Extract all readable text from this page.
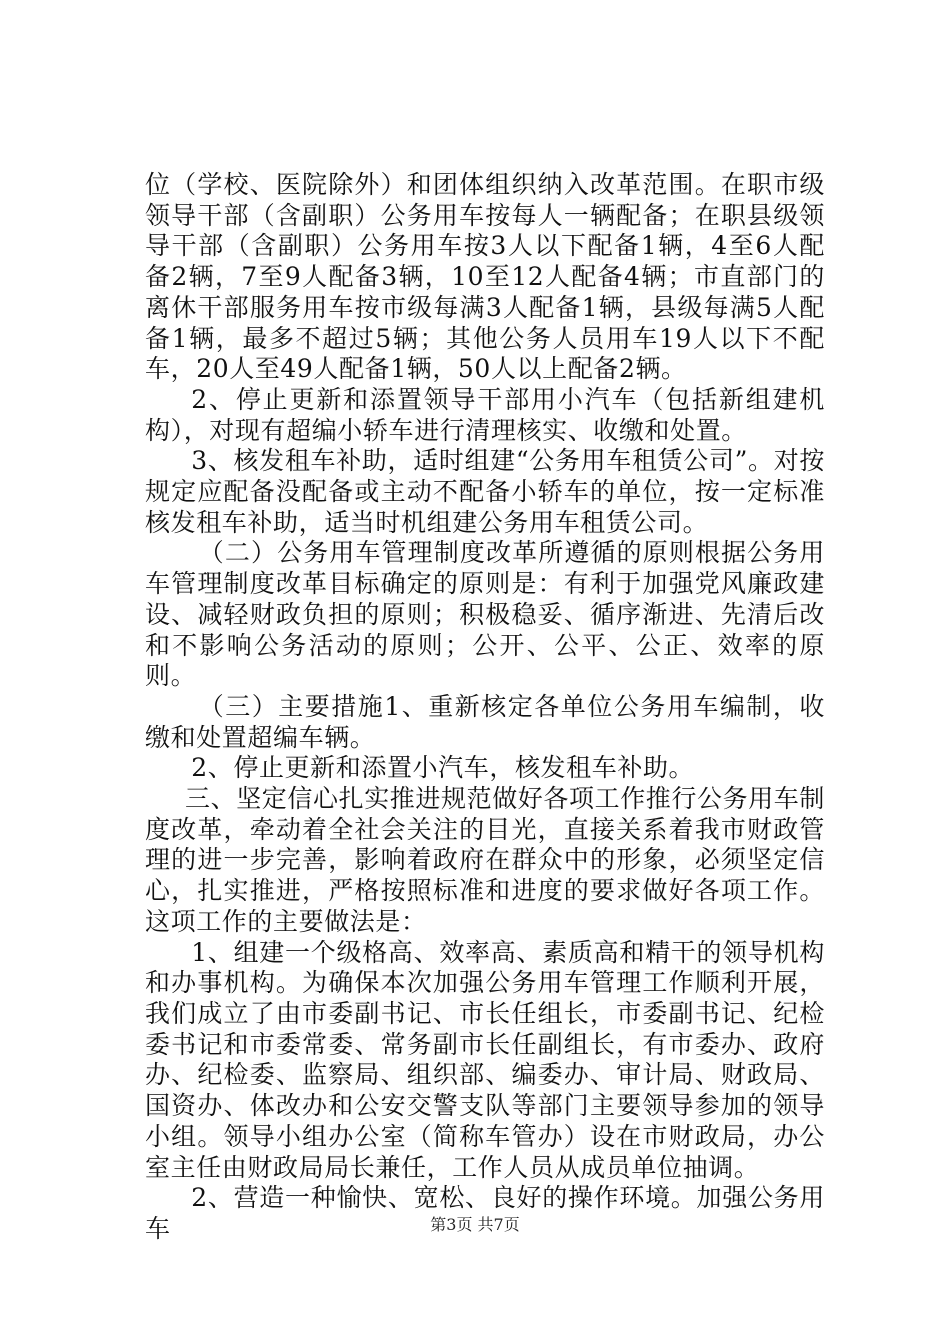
位（学校、医院除外）和团体组织纳入改革范围。在职市级领导干部（含副职）公务用车按每人一辆配备；在职县级领导干部（含副职）公务用车按3人以下配备1辆，4至6人配备2辆，7至9人配备3辆，10至12人配备4辆；市直部门的离休干部服务用车按市级每满3人配备1辆，县级每满5人配备1辆，最多不超过5辆；其他公务人员用车19人以下不配车，20人至49人配备1辆，50人以上配备2辆。

2、停止更新和添置领导干部用小汽车（包括新组建机构），对现有超编小轿车进行清理核实、收缴和处置。

3、核发租车补助，适时组建“公务用车租赁公司”。对按规定应配备没配备或主动不配备小轿车的单位，按一定标准核发租车补助，适当时机组建公务用车租赁公司。

（二）公务用车管理制度改革所遵循的原则根据公务用车管理制度改革目标确定的原则是：有利于加强党风廉政建设、减轻财政负担的原则；积极稳妥、循序渐进、先清后改和不影响公务活动的原则；公开、公平、公正、效率的原则。

（三）主要措施1、重新核定各单位公务用车编制，收缴和处置超编车辆。

2、停止更新和添置小汽车，核发租车补助。

三、坚定信心扎实推进规范做好各项工作推行公务用车制度改革，牵动着全社会关注的目光，直接关系着我市财政管理的进一步完善，影响着政府在群众中的形象，必须坚定信心，扎实推进，严格按照标准和进度的要求做好各项工作。这项工作的主要做法是：

1、组建一个级格高、效率高、素质高和精干的领导机构和办事机构。为确保本次加强公务用车管理工作顺利开展，我们成立了由市委副书记、市长任组长，市委副书记、纪检委书记和市委常委、常务副市长任副组长，有市委办、政府办、纪检委、监察局、组织部、编委办、审计局、财政局、国资办、体改办和公安交警支队等部门主要领导参加的领导小组。领导小组办公室（简称车管办）设在市财政局，办公室主任由财政局局长兼任，工作人员从成员单位抽调。

2、营造一种愉快、宽松、良好的操作环境。加强公务用车	第3页 共7页
